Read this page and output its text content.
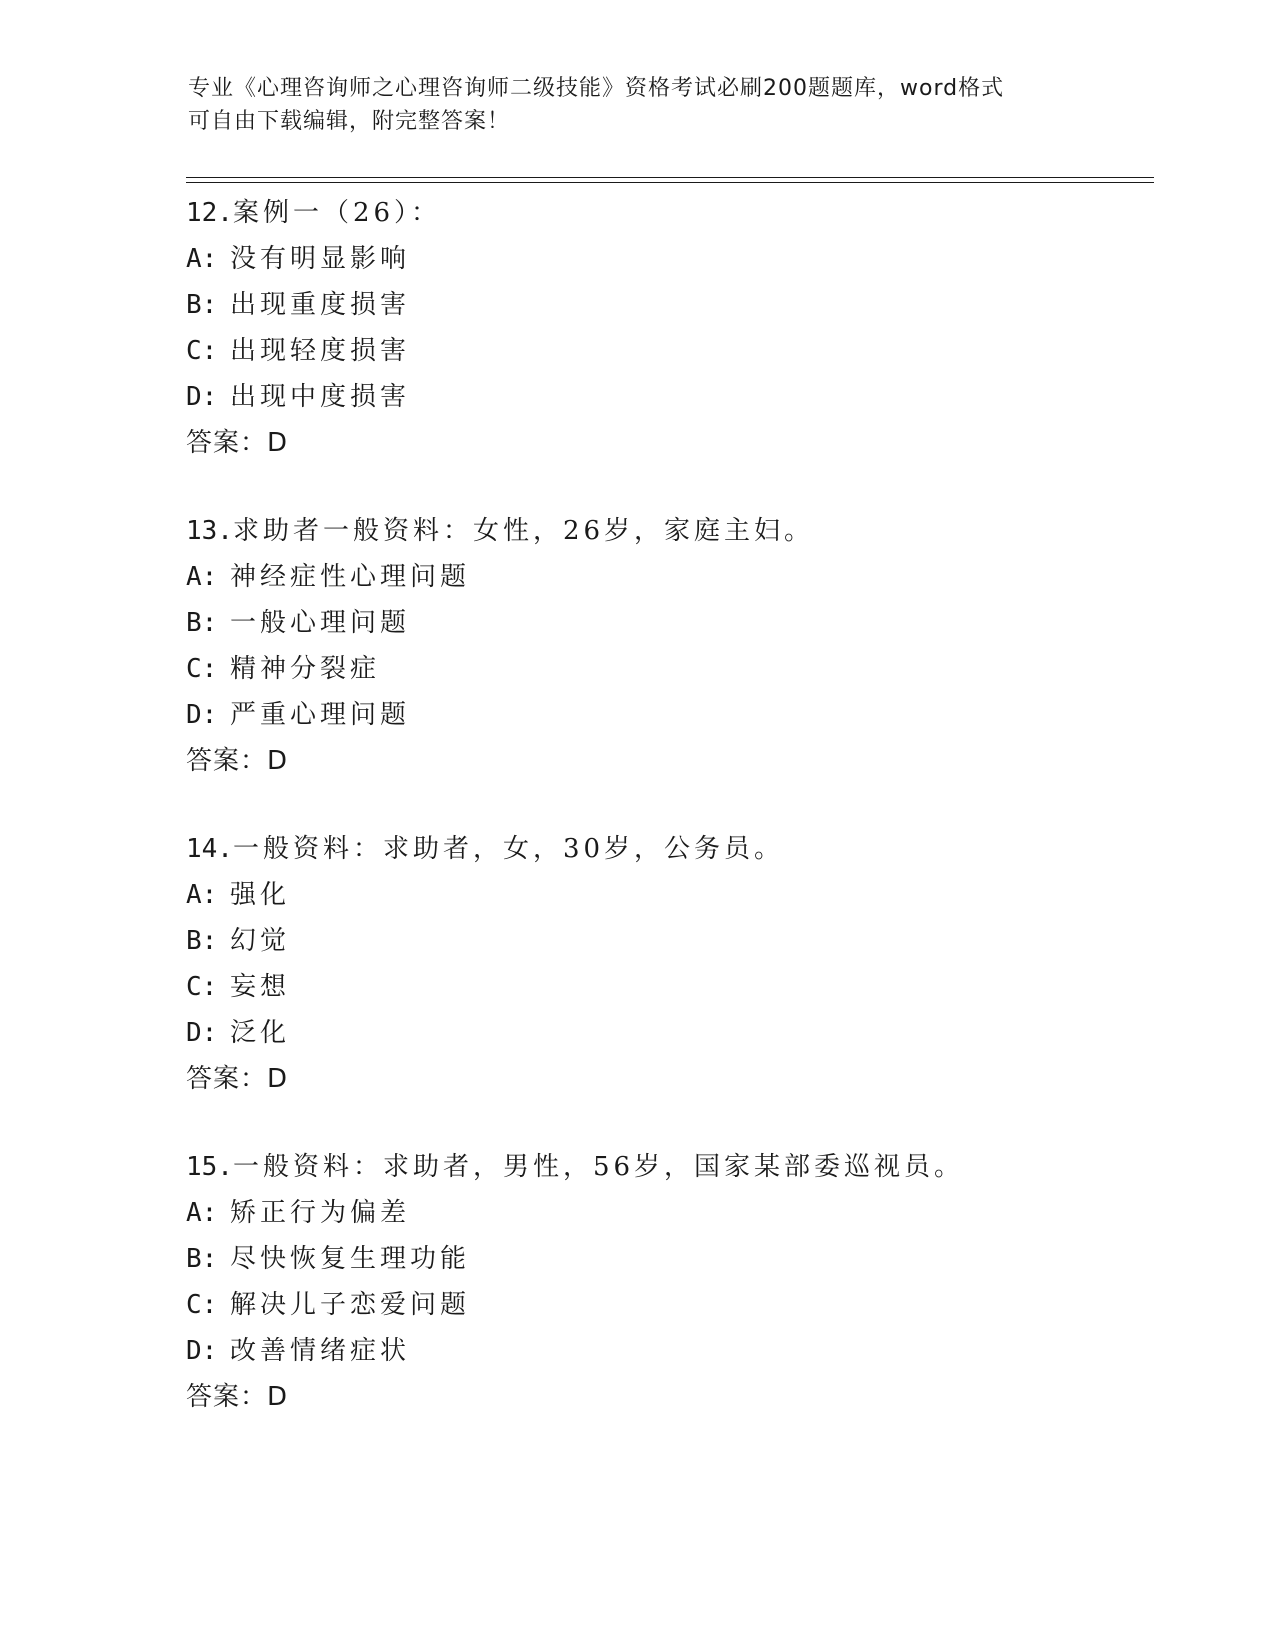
专业《心理咨询师之心理咨询师二级技能》资格考试必刷200题题库，word格式
可自由下载编辑，附完整答案！
12.案例一（26）：
A: 没有明显影响
B: 出现重度损害
C: 出现轻度损害
D: 出现中度损害
答案：D
13.求助者一般资料：女性，26岁，家庭主妇。
A: 神经症性心理问题
B: 一般心理问题
C: 精神分裂症
D: 严重心理问题
答案：D
14.一般资料：求助者，女，30岁，公务员。
A: 强化
B: 幻觉
C: 妄想
D: 泛化
答案：D
15.一般资料：求助者，男性，56岁，国家某部委巡视员。
A: 矫正行为偏差
B: 尽快恢复生理功能
C: 解决儿子恋爱问题
D: 改善情绪症状
答案：D
